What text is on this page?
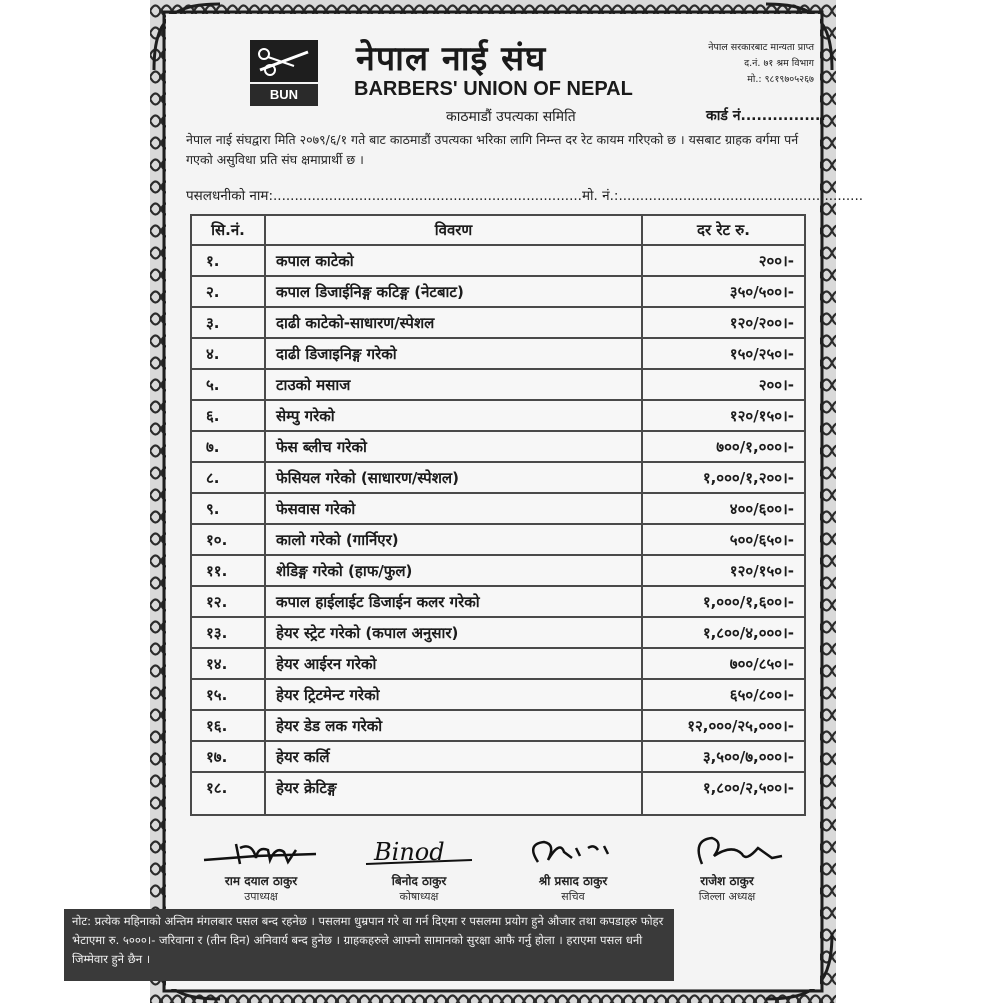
BUN
नेपाल नाई संघ
BARBERS' UNION OF NEPAL
काठमाडौं उपत्यका समिति
नेपाल सरकारबाट मान्यता प्राप्त
द.नं. ७१ श्रम विभाग
मो.: ९८१९७०५२६७
कार्ड नं................
नेपाल नाई संघद्वारा मिति २०७९/६/१ गते बाट काठमाडौं उपत्यका भरिका लागि निम्न्त दर रेट कायम गरिएको छ । यसबाट ग्राहक वर्गमा पर्न गएको असुविधा प्रति संघ क्षमाप्रार्थी छ ।
पसलधनीको नाम:........................................................................मो. नं.:.........................................................
सि.नं.	विवरण	दर रेट रु.
१.	कपाल काटेको	२००।-
२.	कपाल डिजाईनिङ्ग कटिङ्ग (नेटबाट)	३५०/५००।-
३.	दाढी काटेको-साधारण/स्पेशल	१२०/२००।-
४.	दाढी डिजाइनिङ्ग गरेको	१५०/२५०।-
५.	टाउको मसाज	२००।-
६.	सेम्पु गरेको	१२०/१५०।-
७.	फेस ब्लीच गरेको	७००/१,०००।-
८.	फेसियल गरेको (साधारण/स्पेशल)	१,०००/१,२००।-
९.	फेसवास गरेको	४००/६००।-
१०.	कालो गरेको (गार्निएर)	५००/६५०।-
११.	शेडिङ्ग गरेको (हाफ/फुल)	१२०/१५०।-
१२.	कपाल हाईलाईट डिजाईन कलर गरेको	१,०००/१,६००।-
१३.	हेयर स्ट्रेट गरेको (कपाल अनुसार)	१,८००/४,०००।-
१४.	हेयर आईरन गरेको	७००/८५०।-
१५.	हेयर ट्रिटमेन्ट गरेको	६५०/८००।-
१६.	हेयर डेड लक गरेको	१२,०००/२५,०००।-
१७.	हेयर कर्लि	३,५००/७,०००।-
१८.	हेयर क्रेटिङ्ग	१,८००/२,५००।-
राम दयाल ठाकुर
उपाध्यक्ष
Binod
बिनोद ठाकुर
कोषाध्यक्ष
श्री प्रसाद ठाकुर
सचिव
राजेश ठाकुर
जिल्ला अध्यक्ष
नोट: प्रत्येक महिनाको अन्तिम मंगलबार पसल बन्द रहनेछ । पसलमा धुम्रपान गरे वा गर्न दिएमा र पसलमा प्रयोग हुने औजार तथा कपडाहरु फोहर भेटाएमा रु. ५०००।- जरिवाना र (तीन दिन) अनिवार्य बन्द हुनेछ । ग्राहकहरुले आफ्नो सामानको सुरक्षा आफै गर्नु होला । हराएमा पसल धनी जिम्मेवार हुने छैन ।
